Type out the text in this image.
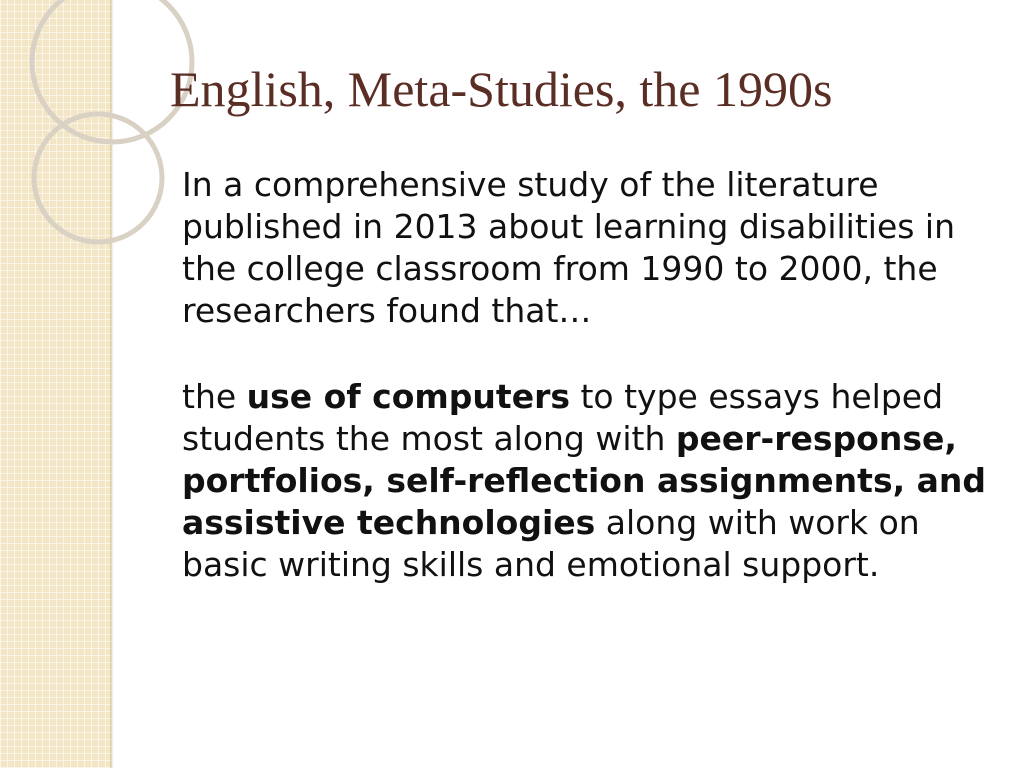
English, Meta-Studies, the 1990s

In a comprehensive study of the literature published in 2013 about learning disabilities in the college classroom from 1990 to 2000, the researchers found that…

the use of computers to type essays helped students the most along with peer-response, portfolios, self-reflection assignments, and assistive technologies along with work on basic writing skills and emotional support.
